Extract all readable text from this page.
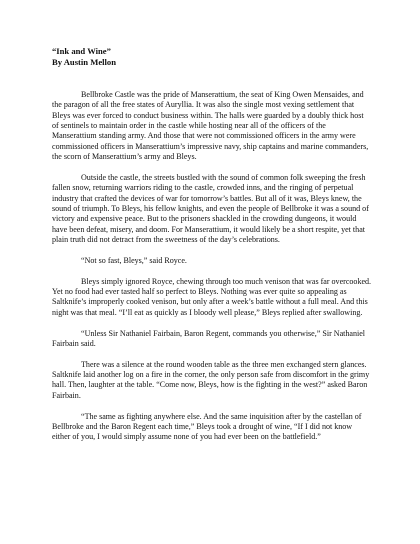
“Ink and Wine”

By Austin Mellon

Bellbroke Castle was the pride of Manserattium, the seat of King Owen Mensaides, and the paragon of all the free states of Auryllia. It was also the single most vexing settlement that Bleys was ever forced to conduct business within. The halls were guarded by a doubly thick host of sentinels to maintain order in the castle while hosting near all of the officers of the Manserattium standing army. And those that were not commissioned officers in the army were commissioned officers in Manserattium’s impressive navy, ship captains and marine commanders, the scorn of Manserattium’s army and Bleys.

Outside the castle, the streets bustled with the sound of common folk sweeping the fresh fallen snow, returning warriors riding to the castle, crowded inns, and the ringing of perpetual industry that crafted the devices of war for tomorrow’s battles. But all of it was, Bleys knew, the sound of triumph. To Bleys, his fellow knights, and even the people of Bellbroke it was a sound of victory and expensive peace. But to the prisoners shackled in the crowding dungeons, it would have been defeat, misery, and doom. For Manserattium, it would likely be a short respite, yet that plain truth did not detract from the sweetness of the day’s celebrations.

“Not so fast, Bleys,” said Royce.

Bleys simply ignored Royce, chewing through too much venison that was far overcooked. Yet no food had ever tasted half so perfect to Bleys. Nothing was ever quite so appealing as Saltknife’s improperly cooked venison, but only after a week’s battle without a full meal. And this night was that meal. “I’ll eat as quickly as I bloody well please,” Bleys replied after swallowing.

“Unless Sir Nathaniel Fairbain, Baron Regent, commands you otherwise,” Sir Nathaniel Fairbain said.

There was a silence at the round wooden table as the three men exchanged stern glances. Saltknife laid another log on a fire in the corner, the only person safe from discomfort in the grimy hall. Then, laughter at the table. “Come now, Bleys, how is the fighting in the west?” asked Baron Fairbain.

“The same as fighting anywhere else. And the same inquisition after by the castellan of Bellbroke and the Baron Regent each time,” Bleys took a drought of wine, “If I did not know either of you, I would simply assume none of you had ever been on the battlefield.”
